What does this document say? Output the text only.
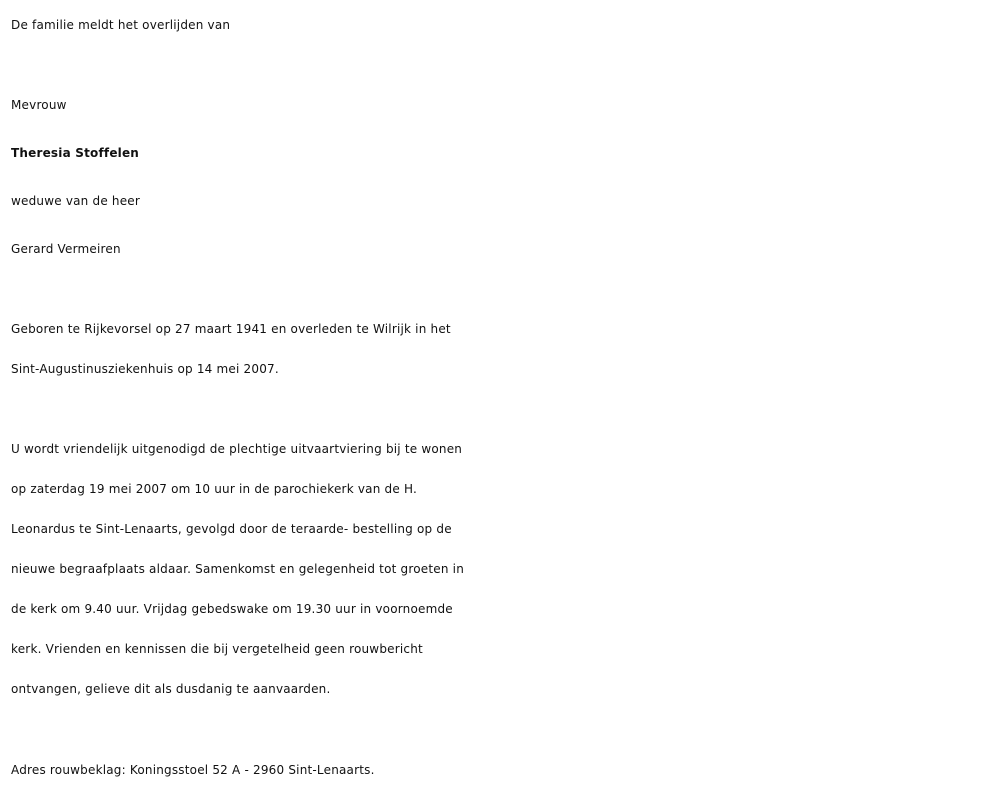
De familie meldt het overlijden van

Mevrouw

Theresia Stoffelen

weduwe van de heer

Gerard Vermeiren

Geboren te Rijkevorsel op 27 maart 1941 en overleden te Wilrijk in het
Sint-Augustinusziekenhuis op 14 mei 2007.

U wordt vriendelijk uitgenodigd de plechtige uitvaartviering bij te wonen
op zaterdag 19 mei 2007 om 10 uur in de parochiekerk van de H.
Leonardus te Sint-Lenaarts, gevolgd door de teraarde- bestelling op de
nieuwe begraafplaats aldaar. Samenkomst en gelegenheid tot groeten in
de kerk om 9.40 uur. Vrijdag gebedswake om 19.30 uur in voornoemde
kerk. Vrienden en kennissen die bij vergetelheid geen rouwbericht
ontvangen, gelieve dit als dusdanig te aanvaarden.

Adres rouwbeklag: Koningsstoel 52 A - 2960 Sint-Lenaarts.
